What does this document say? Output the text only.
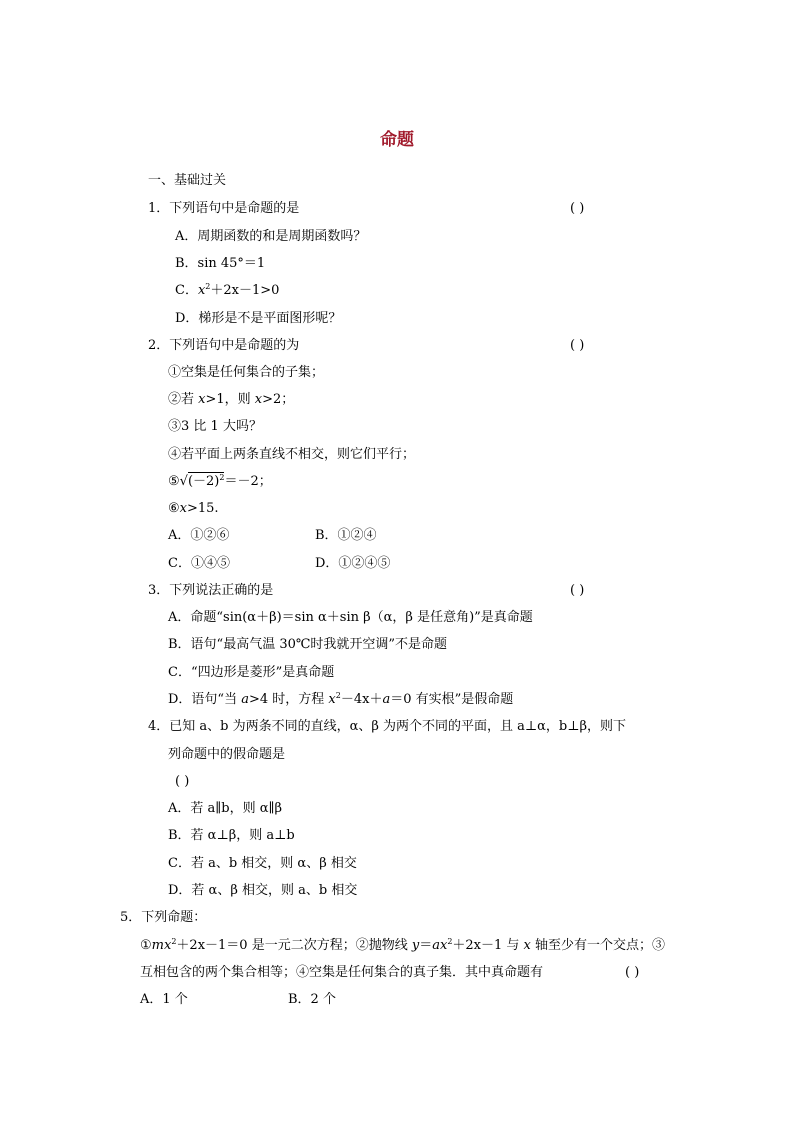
命题
一、基础过关
1．下列语句中是命题的是	( )
A．周期函数的和是周期函数吗？
B．sin 45°＝1
C．$x^2+2x-1>0$
D．梯形是不是平面图形呢？
2．下列语句中是命题的为	( )
①空集是任何集合的子集；
②若 x>1，则 x>2；
③3 比 1 大吗？
④若平面上两条直线不相交，则它们平行；
$⑤√(-2)^2=-2$；
⑥x>15.
A．①②⑥	B．①②④
C．①④⑤	D．①②④⑤
3．下列说法正确的是	( )
A．命题“sin(α＋β)＝sin α＋sin β（α，β 是任意角)”是真命题
B．语句“最高气温 30℃时我就开空调”不是命题
C．“四边形是菱形”是真命题
D．语句“当 a>4 时，方程 $x^2-4x+a=0$ 有实根”是假命题
4．已知 a、b 为两条不同的直线，α、β 为两个不同的平面，且 a⊥α，b⊥β，则下
列命题中的假命题是
( )
A．若 a∥b，则 α∥β
B．若 α⊥β，则 a⊥b
C．若 a、b 相交，则 α、β 相交
D．若 α、β 相交，则 a、b 相交
5．下列命题：
$①mx^2+2x-1=0$ 是一元二次方程；②抛物线 $y=ax^2+2x-1$ 与 x 轴至少有一个交点；③
互相包含的两个集合相等；④空集是任何集合的真子集．其中真命题有	( )
A．1 个	B．2 个
